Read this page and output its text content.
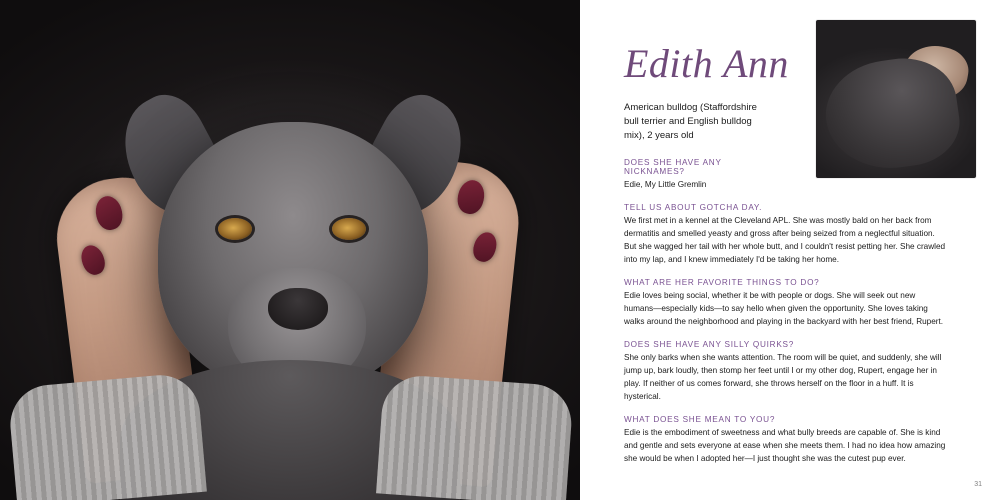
Edith Ann
American bulldog (Staffordshire bull terrier and English bulldog mix), 2 years old
DOES SHE HAVE ANY NICKNAMES?
Edie, My Little Gremlin
TELL US ABOUT GOTCHA DAY.
We first met in a kennel at the Cleveland APL. She was mostly bald on her back from dermatitis and smelled yeasty and gross after being seized from a neglectful situation. But she wagged her tail with her whole butt, and I couldn't resist petting her. She crawled into my lap, and I knew immediately I'd be taking her home.
WHAT ARE HER FAVORITE THINGS TO DO?
Edie loves being social, whether it be with people or dogs. She will seek out new humans—especially kids—to say hello when given the opportunity. She loves taking walks around the neighborhood and playing in the backyard with her best friend, Rupert.
DOES SHE HAVE ANY SILLY QUIRKS?
She only barks when she wants attention. The room will be quiet, and suddenly, she will jump up, bark loudly, then stomp her feet until I or my other dog, Rupert, engage her in play. If neither of us comes forward, she throws herself on the floor in a huff. It is hysterical.
WHAT DOES SHE MEAN TO YOU?
Edie is the embodiment of sweetness and what bully breeds are capable of. She is kind and gentle and sets everyone at ease when she meets them. I had no idea how amazing she would be when I adopted her—I just thought she was the cutest pup ever.
31
